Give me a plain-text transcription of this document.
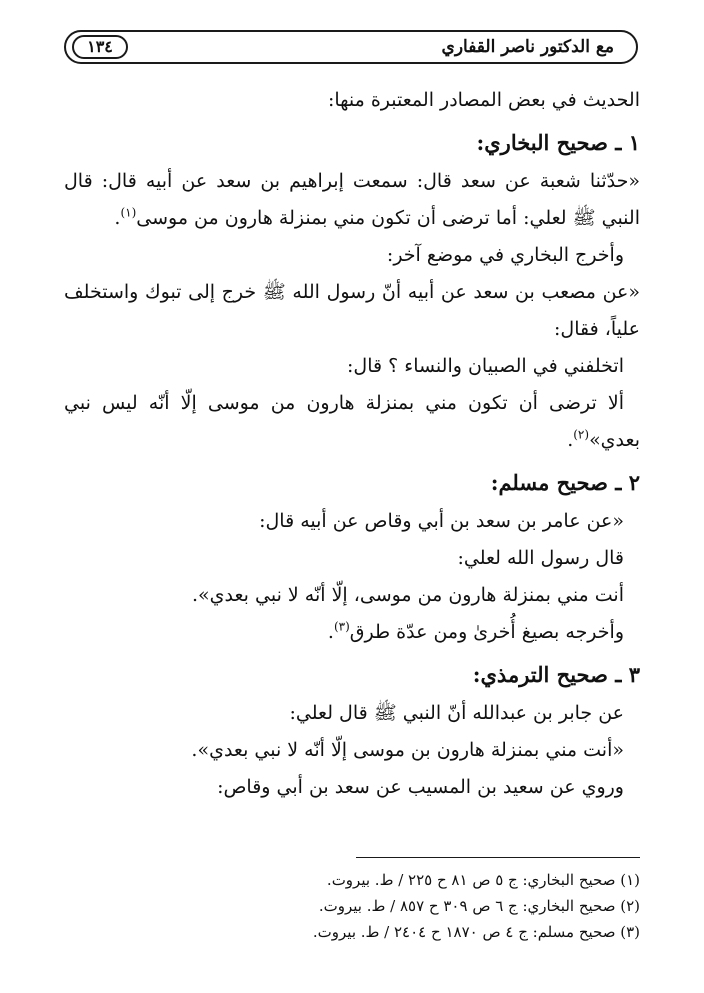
مع الدكتور ناصر القفاري
١٣٤
الحديث في بعض المصادر المعتبرة منها:
١ ـ صحيح البخاري:
«حدّثنا شعبة عن سعد قال: سمعت إبراهيم بن سعد عن أبيه قال: قال
النبي ﷺ لعلي: أما ترضى أن تكون مني بمنزلة هارون من موسى$^{(١)}$.
وأخرج البخاري في موضع آخر:
«عن مصعب بن سعد عن أبيه أنّ رسول الله ﷺ خرج إلى تبوك واستخلف
علياً، فقال:
اتخلفني في الصبيان والنساء ؟ قال:
ألا ترضى أن تكون مني بمنزلة هارون من موسى إلّا أنّه ليس نبي
بعدي»$^{(٢)}$.
٢ ـ صحيح مسلم:
«عن عامر بن سعد بن أبي وقاص عن أبيه قال:
قال رسول الله لعلي:
أنت مني بمنزلة هارون من موسى، إلّا أنّه لا نبي بعدي».
وأخرجه بصيغ أُخرىٰ ومن عدّة طرق$^{(٣)}$.
٣ ـ صحيح الترمذي:
عن جابر بن عبدالله أنّ النبي ﷺ قال لعلي:
«أنت مني بمنزلة هارون بن موسى إلّا أنّه لا نبي بعدي».
وروي عن سعيد بن المسيب عن سعد بن أبي وقاص:
(١) صحيح البخاري: ج ٥ ص ٨١ ح ٢٢٥ / ط. بيروت.
(٢) صحيح البخاري: ج ٦ ص ٣٠٩ ح ٨٥٧ / ط. بيروت.
(٣) صحيح مسلم: ج ٤ ص ١٨٧٠ ح ٢٤٠٤ / ط. بيروت.
